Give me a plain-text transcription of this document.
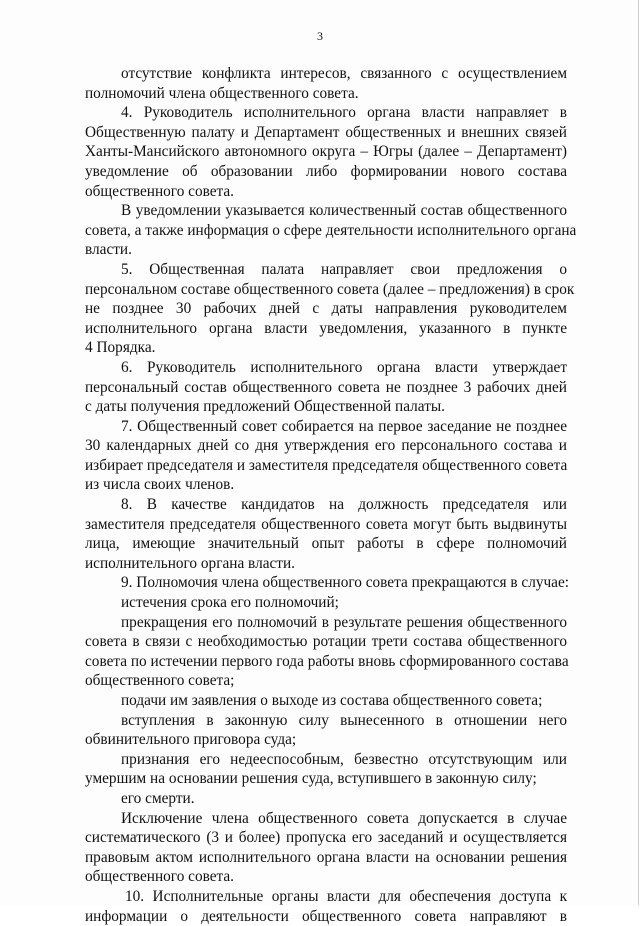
3
отсутствие конфликта интересов, связанного с осуществлением
полномочий члена общественного совета.
4. Руководитель исполнительного органа власти направляет в
Общественную палату и Департамент общественных и внешних связей
Ханты-Мансийского автономного округа – Югры (далее – Департамент)
уведомление об образовании либо формировании нового состава
общественного совета.
В уведомлении указывается количественный состав общественного
совета, а также информация о сфере деятельности исполнительного органа
власти.
5. Общественная палата направляет свои предложения о
персональном составе общественного совета (далее – предложения) в срок
не позднее 30 рабочих дней с даты направления руководителем
исполнительного органа власти уведомления, указанного в пункте
4 Порядка.
6. Руководитель исполнительного органа власти утверждает
персональный состав общественного совета не позднее 3 рабочих дней
с даты получения предложений Общественной палаты.
7. Общественный совет собирается на первое заседание не позднее
30 календарных дней со дня утверждения его персонального состава и
избирает председателя и заместителя председателя общественного совета
из числа своих членов.
8. В качестве кандидатов на должность председателя или
заместителя председателя общественного совета могут быть выдвинуты
лица, имеющие значительный опыт работы в сфере полномочий
исполнительного органа власти.
9. Полномочия члена общественного совета прекращаются в случае:
истечения срока его полномочий;
прекращения его полномочий в результате решения общественного
совета в связи с необходимостью ротации трети состава общественного
совета по истечении первого года работы вновь сформированного состава
общественного совета;
подачи им заявления о выходе из состава общественного совета;
вступления в законную силу вынесенного в отношении него
обвинительного приговора суда;
признания его недееспособным, безвестно отсутствующим или
умершим на основании решения суда, вступившего в законную силу;
его смерти.
Исключение члена общественного совета допускается в случае
систематического (3 и более) пропуска его заседаний и осуществляется
правовым актом исполнительного органа власти на основании решения
общественного совета.
10. Исполнительные органы власти для обеспечения доступа к
информации о деятельности общественного совета направляют в
